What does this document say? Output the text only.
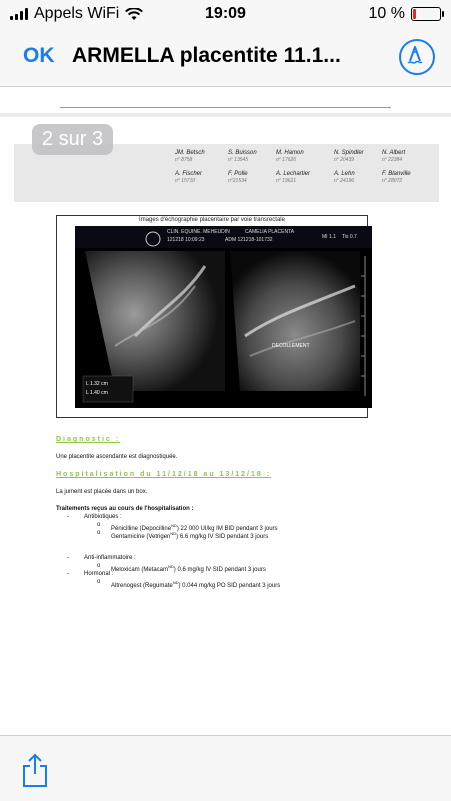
Appels WiFi	19:09	10 %
OK ARMELLA placentite 11.1...
2 sur 3
JM. Betsch
n° 8758
S. Buisson
n° 13545
M. Hamon
n° 17626
N. Spindler
n° 20439
N. Albert
n° 22384
A. Fischer
n° 15710
F. Polle
n°21534
A. Lechartier
n° 19621
A. Lehn
n° 24196
F. Blanville
n° 28072
Images d'échographie placentaire par voie transrectale
CLIN. EQUINE. MEHEUDIN	CAMELIA PLACENTA
121218 10:09:23	ADM 121218-101732	MI 1.1 Tis 0.7
DECOLLEMENT
L 1.32 cm
L 1.40 cm
Diagnostic :
Une placentite ascendante est diagnostiquée.
Hospitalisation du 11/12/18 au 13/12/18 :
La jument est placée dans un box.
Traitements reçus au cours de l'hospitalisation :
-	Antibiotiques :
o
Pénicilline (Depocilline$^{ND}$) 22 000 UI/kg IM BID pendant 3 jours
o
Gentamicine (Vetrigen$^{ND}$) 6.6 mg/kg IV SID pendant 3 jours
-	Anti-inflammatoire :
o
Meloxicam (Metacam$^{ND}$) 0.6 mg/kg IV SID pendant 3 jours
-	Hormonal :
o
Altrenogest (Regumate$^{ND}$) 0.044 mg/kg PO SID pendant 3 jours
